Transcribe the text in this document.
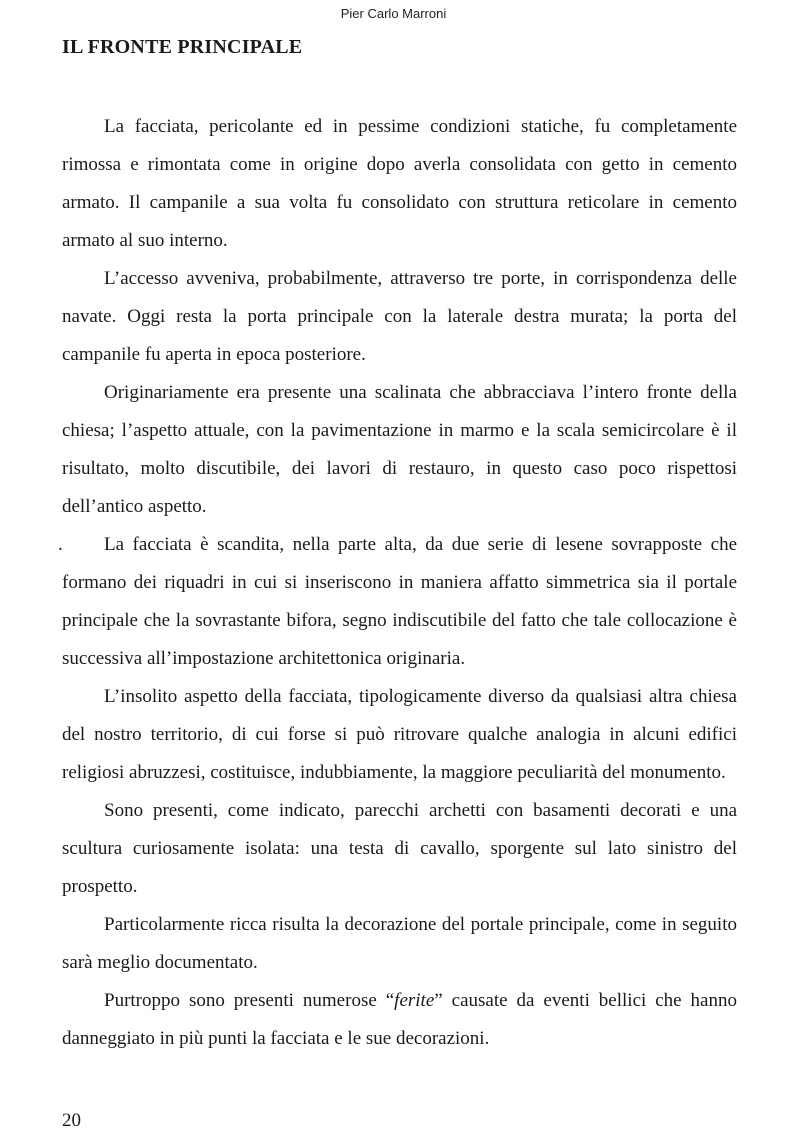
Pier Carlo Marroni
IL FRONTE PRINCIPALE

La facciata, pericolante ed in pessime condizioni statiche, fu completamente rimossa e rimontata come in origine dopo averla consolidata con getto in cemento armato. Il campanile a sua volta fu consolidato con struttura reticolare in cemento armato al suo interno.

L’accesso avveniva, probabilmente, attraverso tre porte, in corrispondenza delle navate. Oggi resta la porta principale con la laterale destra murata; la porta del campanile fu aperta in epoca posteriore.

Originariamente era presente una scalinata che abbracciava l’intero fronte della chiesa; l’aspetto attuale, con la pavimentazione in marmo e la scala semicircolare è il risultato, molto discutibile, dei lavori di restauro, in questo caso poco rispettosi dell’antico aspetto.

. La facciata è scandita, nella parte alta, da due serie di lesene sovrapposte che formano dei riquadri in cui si inseriscono in maniera affatto simmetrica sia il portale principale che la sovrastante bifora, segno indiscutibile del fatto che tale collocazione è successiva all’impostazione architettonica originaria.

L’insolito aspetto della facciata, tipologicamente diverso da qualsiasi altra chiesa del nostro territorio, di cui forse si può ritrovare qualche analogia in alcuni edifici religiosi abruzzesi, costituisce, indubbiamente, la maggiore peculiarità del monumento.

Sono presenti, come indicato, parecchi archetti con basamenti decorati e una scultura curiosamente isolata: una testa di cavallo, sporgente sul lato sinistro del prospetto.

Particolarmente ricca risulta la decorazione del portale principale, come in seguito sarà meglio documentato.

Purtroppo sono presenti numerose “ferite” causate da eventi bellici che hanno danneggiato in più punti la facciata e le sue decorazioni.

20
